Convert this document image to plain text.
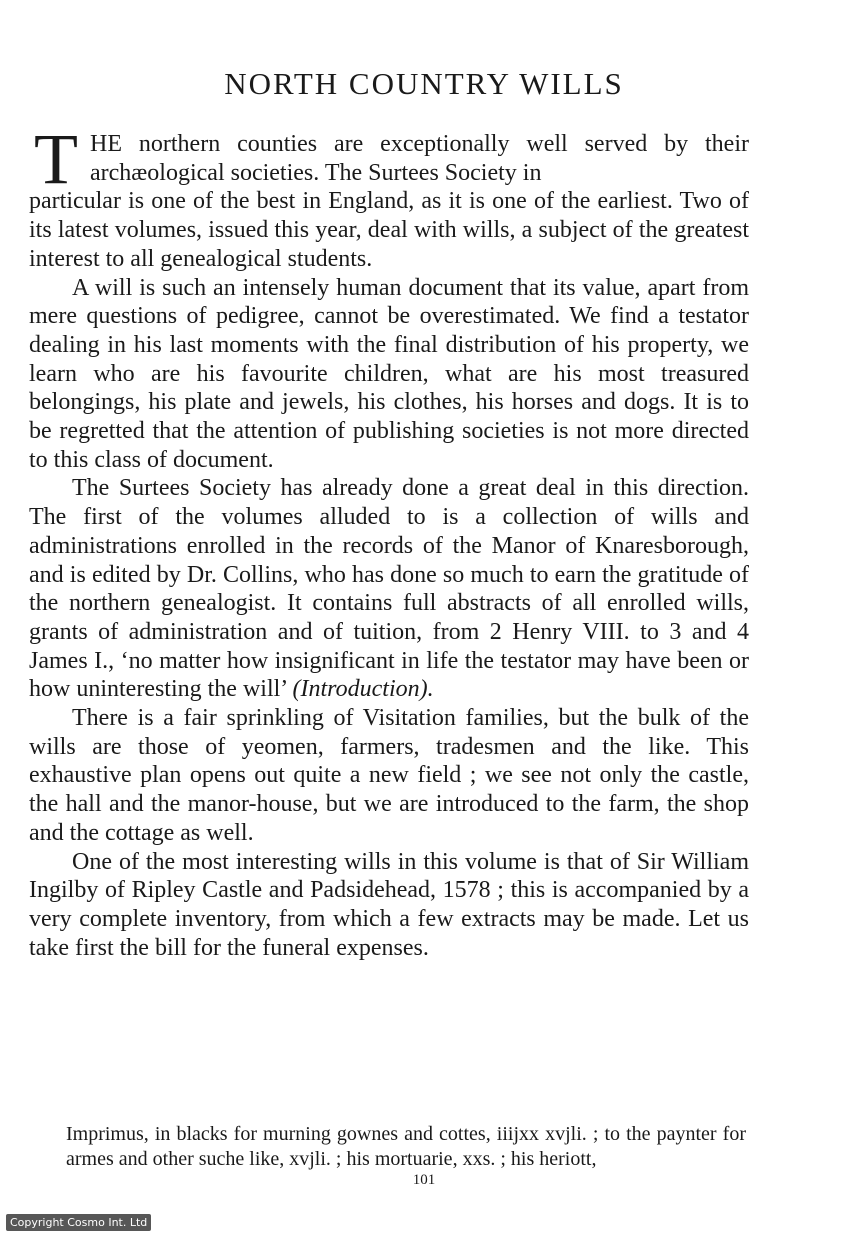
NORTH COUNTRY WILLS

T HE northern counties are exceptionally well served by their archæological societies. The Surtees Society in
particular is one of the best in England, as it is one of the earliest. Two of its latest volumes, issued this year, deal with wills, a subject of the greatest interest to all genealogical students.

A will is such an intensely human document that its value, apart from mere questions of pedigree, cannot be overestimated. We find a testator dealing in his last moments with the final distribution of his property, we learn who are his favourite children, what are his most treasured belongings, his plate and jewels, his clothes, his horses and dogs. It is to be regretted that the attention of publishing societies is not more directed to this class of document.

The Surtees Society has already done a great deal in this direction. The first of the volumes alluded to is a collection of wills and administrations enrolled in the records of the Manor of Knaresborough, and is edited by Dr. Collins, who has done so much to earn the gratitude of the northern genealogist. It contains full abstracts of all enrolled wills, grants of administration and of tuition, from 2 Henry VIII. to 3 and 4 James I., ‘no matter how insignificant in life the testator may have been or how uninteresting the will’ (Introduction).

There is a fair sprinkling of Visitation families, but the bulk of the wills are those of yeomen, farmers, tradesmen and the like. This exhaustive plan opens out quite a new field ; we see not only the castle, the hall and the manor-house, but we are introduced to the farm, the shop and the cottage as well.

One of the most interesting wills in this volume is that of Sir William Ingilby of Ripley Castle and Padsidehead, 1578 ; this is accompanied by a very complete inventory, from which a few extracts may be made. Let us take first the bill for the funeral expenses.

Imprimus, in blacks for murning gownes and cottes, iiijxx xvjli. ; to the paynter for armes and other suche like, xvjli. ; his mortuarie, xxs. ; his heriott,

101

Copyright Cosmo Int. Ltd
